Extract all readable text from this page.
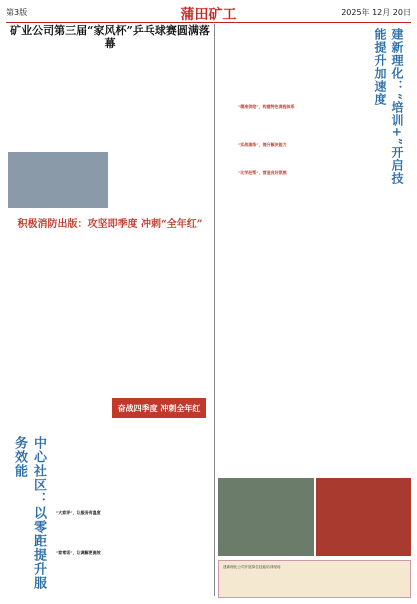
第3版	蒲田矿工	2025年 12月 20日
矿业公司第三届“家风杯”乒乓球赛圆满落幕
积极消防出版：攻坚即季度 冲刺“全年红”
奋战四季度 冲刺全年红
中心社区：以零距提升服务效能
“大家评”，让服务有温度
“家常话”，让调解更高效
建新理化：“培训+”开启技能提升加速度
“精准供给”，构建特色课程体系
“实战演练”，提升解决能力
“比学赶帮”，营造良好氛围
建新理化公司开展岗位技能培训现场
